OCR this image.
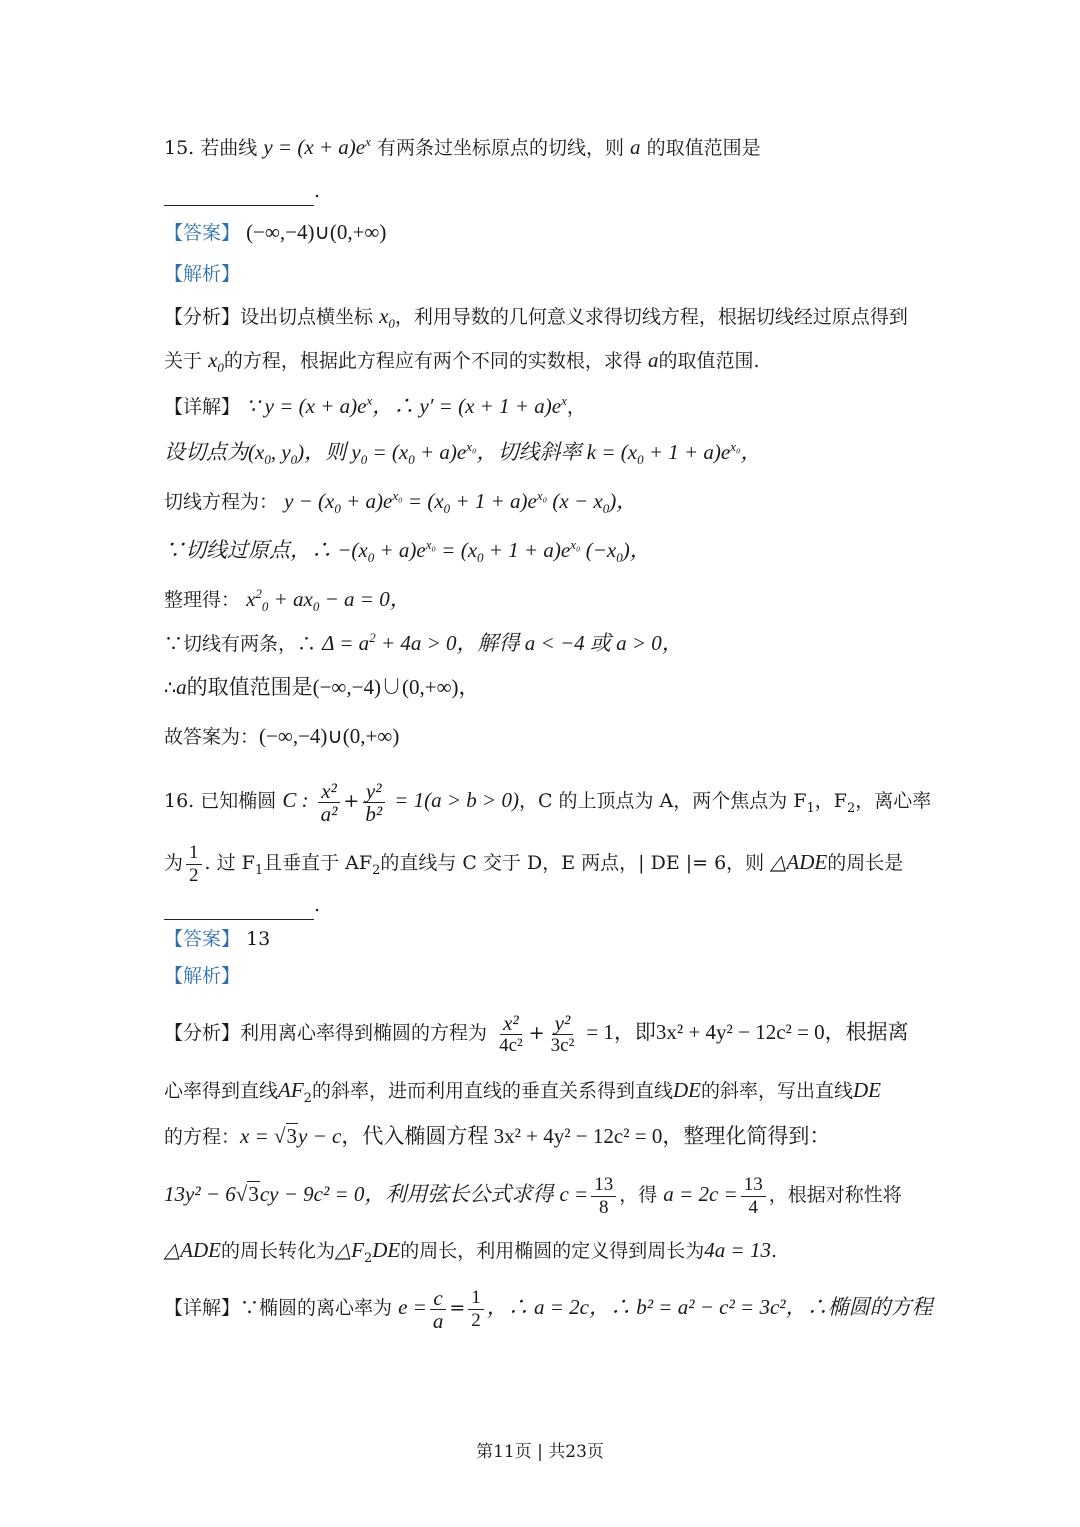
15. 若曲线 $y = (x + a)e^x$ 有两条过坐标原点的切线，则 a 的取值范围是
.
【答案】 (−∞,−4)∪(0,+∞)
【解析】
【分析】设出切点横坐标 $x_0$，利用导数的几何意义求得切线方程，根据切线经过原点得到
关于 $x_0$的方程，根据此方程应有两个不同的实数根，求得 a的取值范围.
【详解】 ∵ $y = (x + a)e^x$，∴ $y' = (x + 1 + a)e^x$，
设切点为($x_0$, $y_0$)，则 $y_0 = (x_0 + a)e^{x_0}$，切线斜率 $k = (x_0 + 1 + a)e^{x_0}$，
切线方程为： $y - (x_0 + a)e^{x_0} = (x_0 + 1 + a)e^{x_0}$ $(x - x_0)$，
∵切线过原点，∴ $-(x_0 + a)e^{x_0} = (x_0 + 1 + a)e^{x_0}$ $(-x_0)$，
整理得： $x^2_0 + ax_0 - a = 0$，
∵切线有两条，∴ $\Delta = a^2 + 4a > 0$，解得 a < −4 或 a > 0，
∴a的取值范围是(−∞,−4)∪(0,+∞)，
故答案为：(−∞,−4)∪(0,+∞)
16. 已知椭圆 C : $\frac{\text{x²}}{\text{a²}} + \frac{\text{y²}}{\text{b²}} = 1(a > b > 0)$，C 的上顶点为 A，两个焦点为 $F_1$，$F_2$，离心率
为 $\frac{1}{2}$ . 过 $F_1$且垂直于 $AF_2$的直线与 C 交于 D，E 两点，| DE |= 6，则 △ADE的周长是
.
【答案】 13
【解析】
【分析】利用离心率得到椭圆的方程为 $\frac{\text{x²}}{\text{4c²}} + \frac{\text{y²}}{\text{3c²}} = 1$，即3x² + 4y² − 12c² = 0，根据离
心率得到直线$AF_2$的斜率，进而利用直线的垂直关系得到直线DE的斜率，写出直线DE
的方程：x = √3y − c，代入椭圆方程 3x² + 4y² − 12c² = 0，整理化简得到：
13y² − 6√3cy − 9c² = 0，利用弦长公式求得 $c = \frac{13}{8}$ ，得 $a = 2c = \frac{13}{4}$ ，根据对称性将
△ADE的周长转化为$\triangle F_2DE$的周长，利用椭圆的定义得到周长为4a = 13.
【详解】∵椭圆的离心率为 $e = \frac{c}{a} = \frac{1}{2}$ ，∴ a = 2c，∴ b² = a² − c² = 3c²，∴椭圆的方程
第11页 | 共23页
